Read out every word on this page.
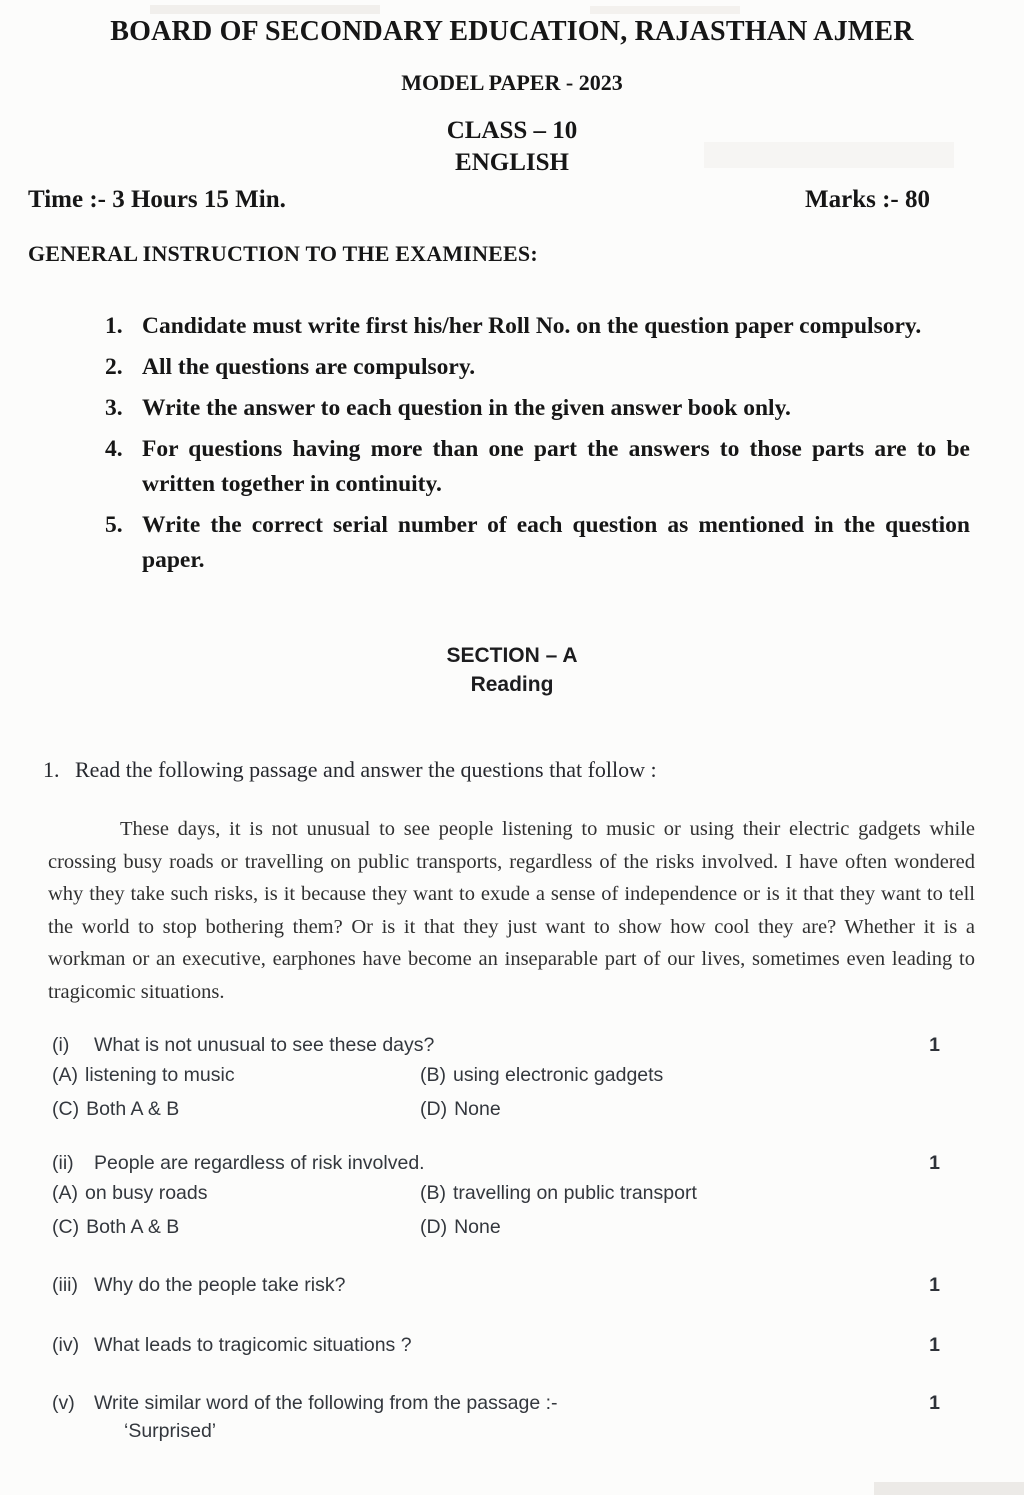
BOARD OF SECONDARY EDUCATION, RAJASTHAN AJMER
MODEL PAPER - 2023
CLASS – 10
ENGLISH
Time :- 3 Hours 15 Min.	Marks :- 80
GENERAL INSTRUCTION TO THE EXAMINEES:
1. Candidate must write first his/her Roll No. on the question paper compulsory.
2. All the questions are compulsory.
3. Write the answer to each question in the given answer book only.
4. For questions having more than one part the answers to those parts are to be written together in continuity.
5. Write the correct serial number of each question as mentioned in the question paper.
SECTION – A
Reading
1. Read the following passage and answer the questions that follow :

These days, it is not unusual to see people listening to music or using their electric gadgets while crossing busy roads or travelling on public transports, regardless of the risks involved. I have often wondered why they take such risks, is it because they want to exude a sense of independence or is it that they want to tell the world to stop bothering them? Or is it that they just want to show how cool they are? Whether it is a workman or an executive, earphones have become an inseparable part of our lives, sometimes even leading to tragicomic situations.

(i)	What is not unusual to see these days?	1
(A) listening to music	(B) using electronic gadgets
(C) Both A & B	(D) None
(ii)	People are regardless of risk involved.	1
(A) on busy roads	(B) travelling on public transport
(C) Both A & B	(D) None
(iii) Why do the people take risk?	1
(iv) What leads to tragicomic situations ?	1
(v) Write similar word of the following from the passage :-	1
‘Surprised’
